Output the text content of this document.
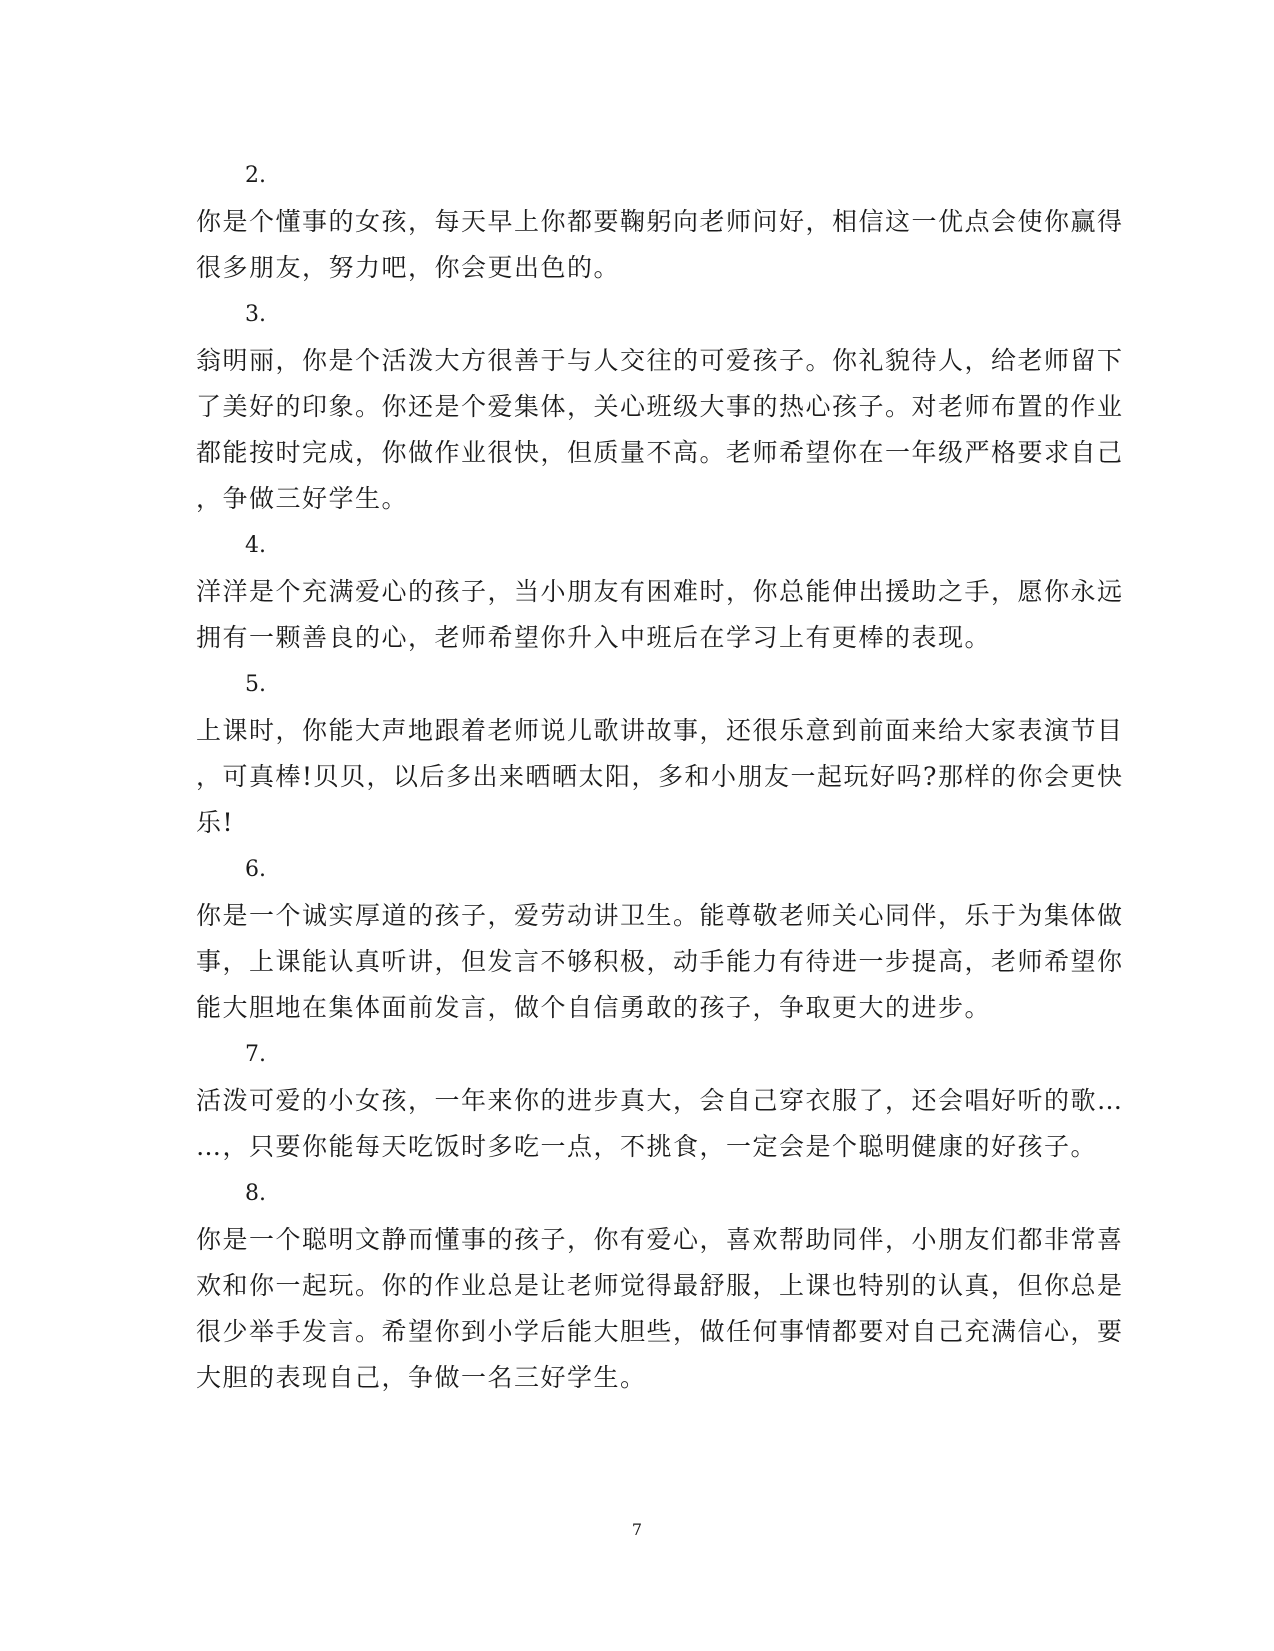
2.
你是个懂事的女孩，每天早上你都要鞠躬向老师问好，相信这一优点会使你赢得
很多朋友，努力吧，你会更出色的。
3.
翁明丽，你是个活泼大方很善于与人交往的可爱孩子。你礼貌待人，给老师留下
了美好的印象。你还是个爱集体，关心班级大事的热心孩子。对老师布置的作业
都能按时完成，你做作业很快，但质量不高。老师希望你在一年级严格要求自己
，争做三好学生。
4.
洋洋是个充满爱心的孩子，当小朋友有困难时，你总能伸出援助之手，愿你永远
拥有一颗善良的心，老师希望你升入中班后在学习上有更棒的表现。
5.
上课时，你能大声地跟着老师说儿歌讲故事，还很乐意到前面来给大家表演节目
，可真棒!贝贝，以后多出来晒晒太阳，多和小朋友一起玩好吗?那样的你会更快
乐!
6.
你是一个诚实厚道的孩子，爱劳动讲卫生。能尊敬老师关心同伴，乐于为集体做
事，上课能认真听讲，但发言不够积极，动手能力有待进一步提高，老师希望你
能大胆地在集体面前发言，做个自信勇敢的孩子，争取更大的进步。
7.
活泼可爱的小女孩，一年来你的进步真大，会自己穿衣服了，还会唱好听的歌…
…，只要你能每天吃饭时多吃一点，不挑食，一定会是个聪明健康的好孩子。
8.
你是一个聪明文静而懂事的孩子，你有爱心，喜欢帮助同伴，小朋友们都非常喜
欢和你一起玩。你的作业总是让老师觉得最舒服，上课也特别的认真，但你总是
很少举手发言。希望你到小学后能大胆些，做任何事情都要对自己充满信心，要
大胆的表现自己，争做一名三好学生。
7
